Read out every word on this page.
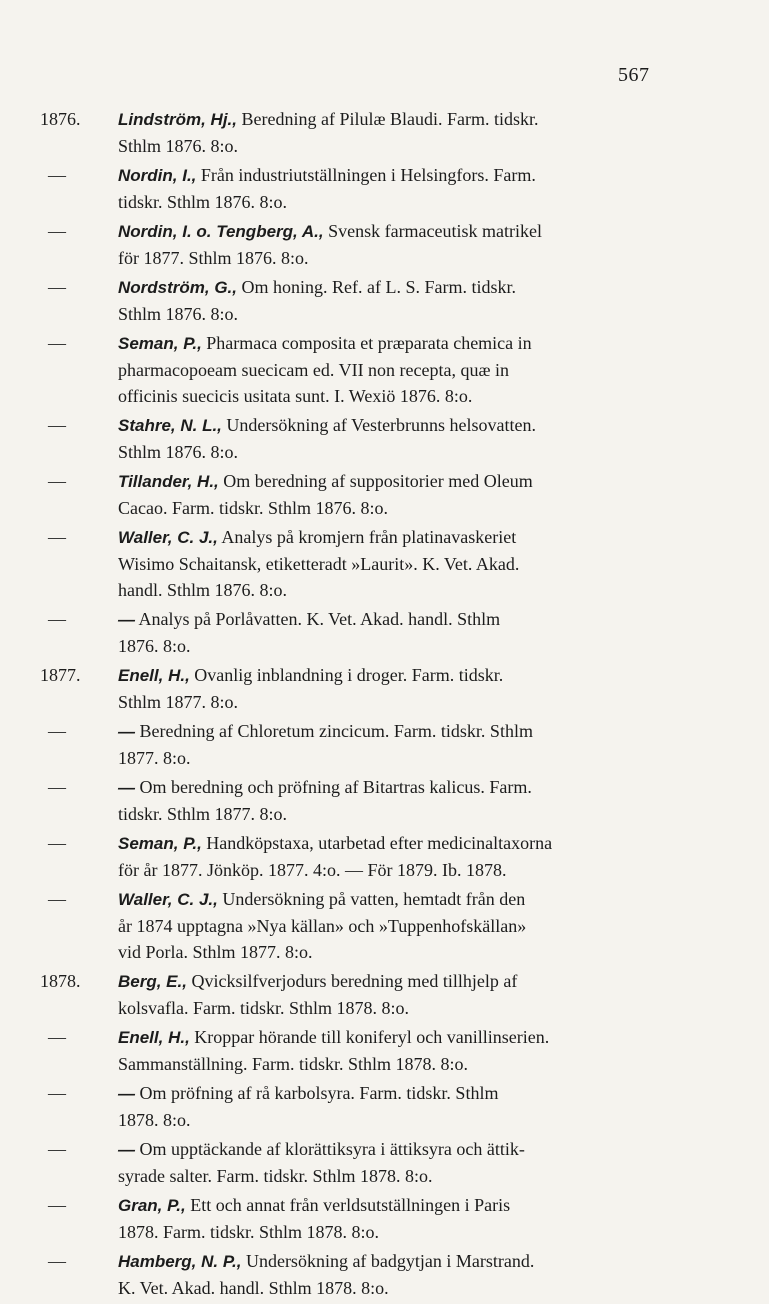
567
1876.	Lindström, Hj., Beredning af Pilulæ Blaudi. Farm. tidskr.
Sthlm 1876. 8:o.
—	Nordin, I., Från industriutställningen i Helsingfors. Farm.
tidskr. Sthlm 1876. 8:o.
—	Nordin, I. o. Tengberg, A., Svensk farmaceutisk matrikel
för 1877. Sthlm 1876. 8:o.
—	Nordström, G., Om honing. Ref. af L. S. Farm. tidskr.
Sthlm 1876. 8:o.
—	Seman, P., Pharmaca composita et præparata chemica in
pharmacopoeam suecicam ed. VII non recepta, quæ in
officinis suecicis usitata sunt. I. Wexiö 1876. 8:o.
—	Stahre, N. L., Undersökning af Vesterbrunns helsovatten.
Sthlm 1876. 8:o.
—	Tillander, H., Om beredning af suppositorier med Oleum
Cacao. Farm. tidskr. Sthlm 1876. 8:o.
—	Waller, C. J., Analys på kromjern från platinavaskeriet
Wisimo Schaitansk, etiketteradt »Laurit». K. Vet. Akad.
handl. Sthlm 1876. 8:o.
—	— Analys på Porlåvatten. K. Vet. Akad. handl. Sthlm
1876. 8:o.
1877.	Enell, H., Ovanlig inblandning i droger. Farm. tidskr.
Sthlm 1877. 8:o.
—	— Beredning af Chloretum zincicum. Farm. tidskr. Sthlm
1877. 8:o.
—	— Om beredning och pröfning af Bitartras kalicus. Farm.
tidskr. Sthlm 1877. 8:o.
—	Seman, P., Handköpstaxa, utarbetad efter medicinaltaxorna
för år 1877. Jönköp. 1877. 4:o. — För 1879. Ib. 1878.
—	Waller, C. J., Undersökning på vatten, hemtadt från den
år 1874 upptagna »Nya källan» och »Tuppenhofskällan»
vid Porla. Sthlm 1877. 8:o.
1878.	Berg, E., Qvicksilfverjodurs beredning med tillhjelp af
kolsvafla. Farm. tidskr. Sthlm 1878. 8:o.
—	Enell, H., Kroppar hörande till koniferyl och vanillinserien.
Sammanställning. Farm. tidskr. Sthlm 1878. 8:o.
—	— Om pröfning af rå karbolsyra. Farm. tidskr. Sthlm
1878. 8:o.
—	— Om upptäckande af klorättiksyra i ättiksyra och ättik-
syrade salter. Farm. tidskr. Sthlm 1878. 8:o.
—	Gran, P., Ett och annat från verldsutställningen i Paris
1878. Farm. tidskr. Sthlm 1878. 8:o.
—	Hamberg, N. P., Undersökning af badgytjan i Marstrand.
K. Vet. Akad. handl. Sthlm 1878. 8:o.
